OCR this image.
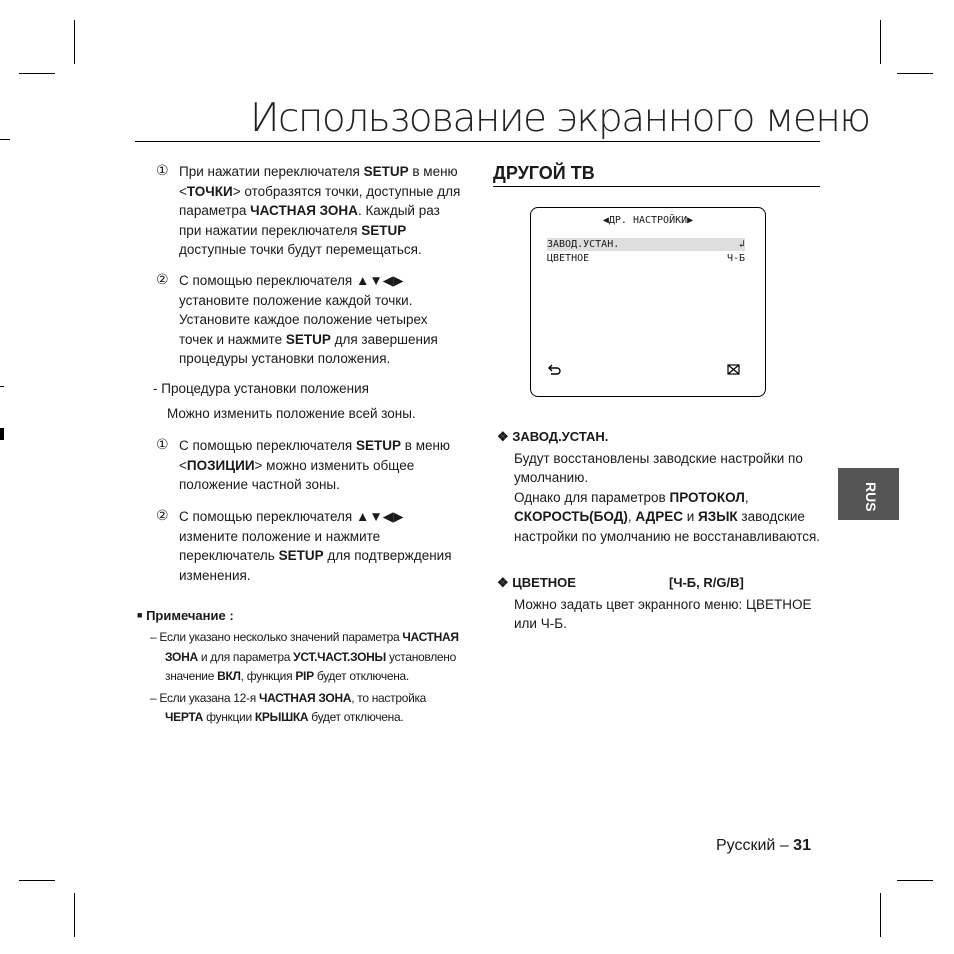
Использование экранного меню
① При нажатии переключателя SETUP в меню <ТОЧКИ> отобразятся точки, доступные для параметра ЧАСТНАЯ ЗОНА. Каждый раз при нажатии переключателя SETUP доступные точки будут перемещаться.
② С помощью переключателя ▲▼◀▶ установите положение каждой точки. Установите каждое положение четырех точек и нажмите SETUP для завершения процедуры установки положения.
- Процедура установки положения
Можно изменить положение всей зоны.
① С помощью переключателя SETUP в меню <ПОЗИЦИИ> можно изменить общее положение частной зоны.
② С помощью переключателя ▲▼◀▶ измените положение и нажмите переключатель SETUP для подтверждения изменения.
■ Примечание :
– Если указано несколько значений параметра ЧАСТНАЯ
ЗОНА и для параметра УСТ.ЧАСТ.ЗОНЫ установлено
значение ВКЛ, функция PIP будет отключена.
– Если указана 12-я ЧАСТНАЯ ЗОНА, то настройка
ЧЕРТА функции КРЫШКА будет отключена.
ДРУГОЙ ТВ
◀ДР. НАСТРОЙКИ▶
ЗАВОД.УСТАН.	↲
ЦВЕТНОЕ	Ч-Б
❖ ЗАВОД.УСТАН.
Будут восстановлены заводские настройки по
умолчанию.
Однако для параметров ПРОТОКОЛ,
СКОРОСТЬ(БОД), АДРЕС и ЯЗЫК заводские
настройки по умолчанию не восстанавливаются.
❖ ЦВЕТНОЕ	[Ч-Б, R/G/B]
Можно задать цвет экранного меню: ЦВЕТНОЕ
или Ч-Б.
RUS
Русский – 31
